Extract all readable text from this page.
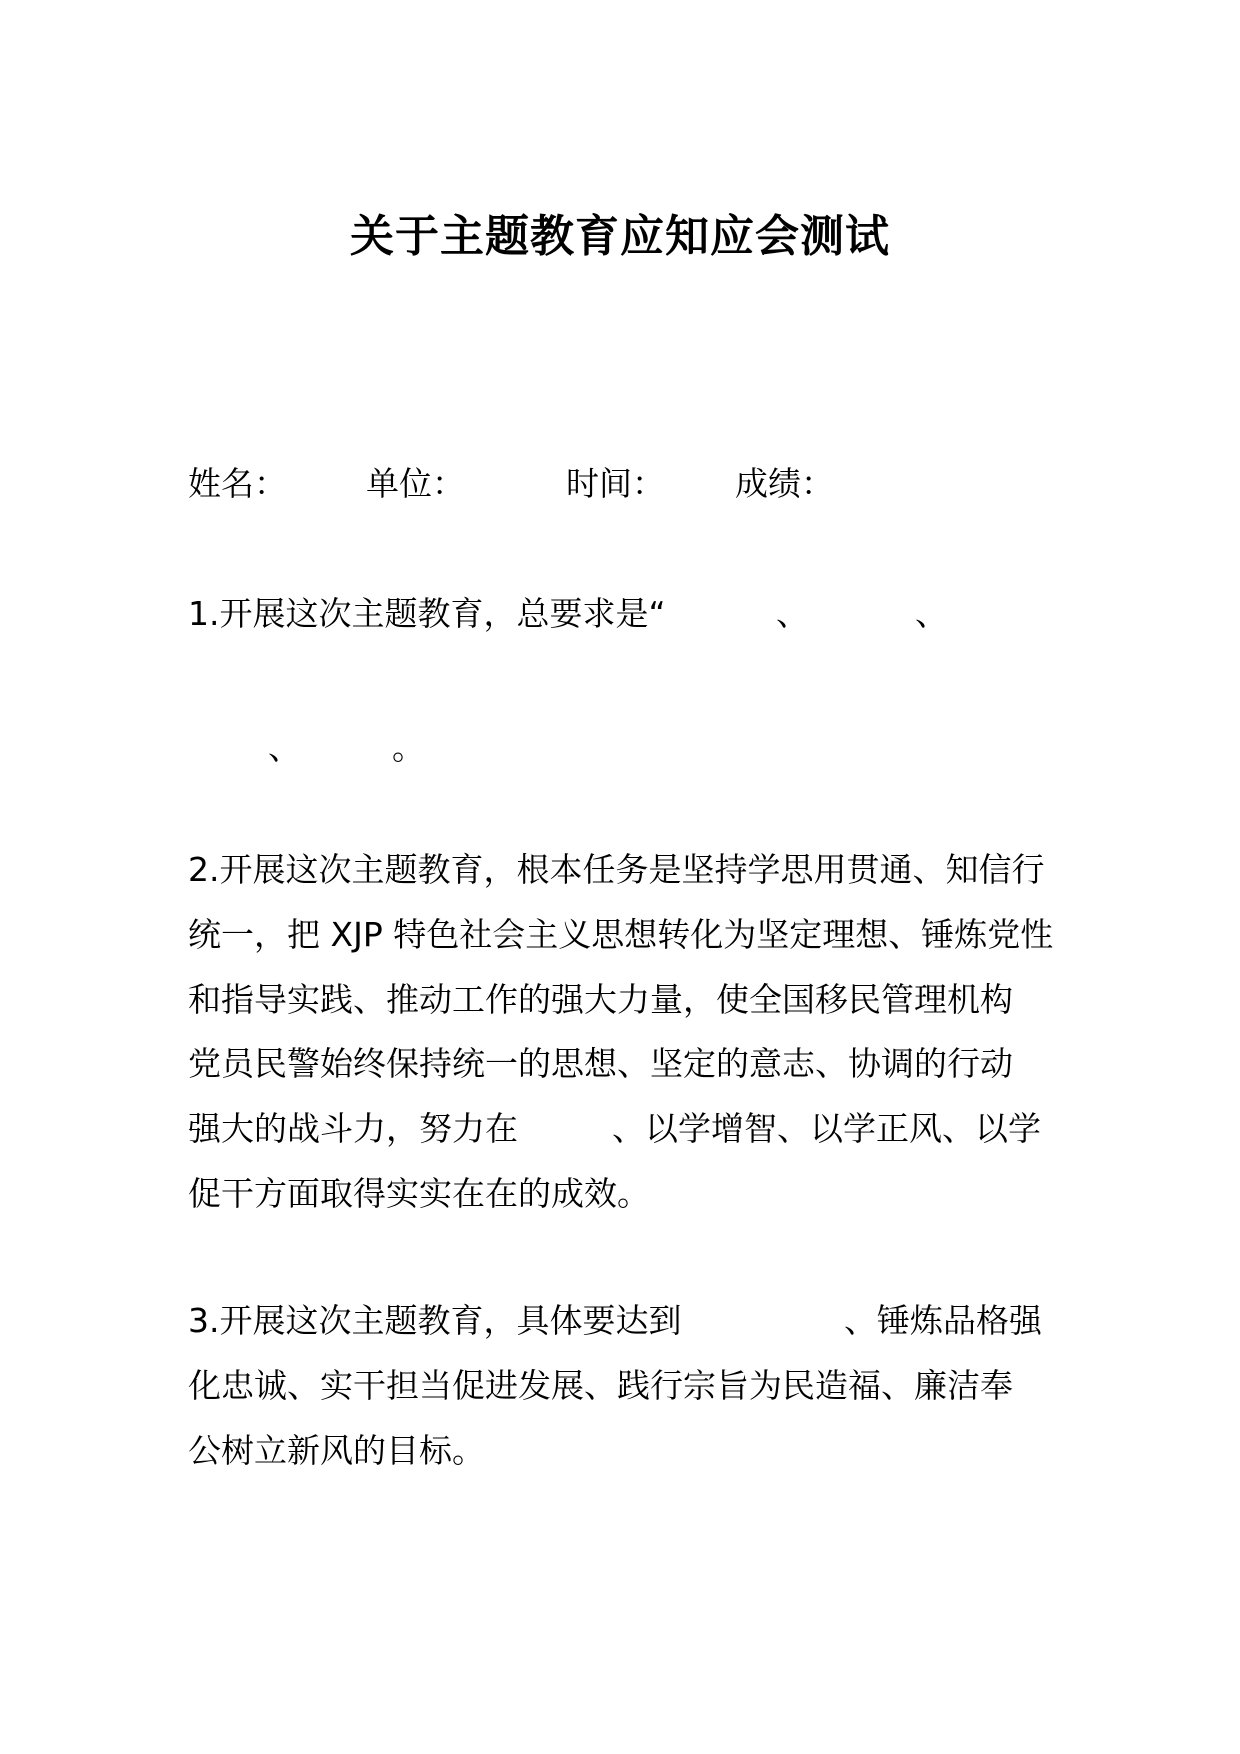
关于主题教育应知应会测试
姓名： 单位：	时间： 成绩：
1.开展这次主题教育，总要求是“	、	、
、	。
2.开展这次主题教育，根本任务是坚持学思用贯通、知信行
统一，把 XJP 特色社会主义思想转化为坚定理想、锤炼党性
和指导实践、推动工作的强大力量，使全国移民管理机构
党员民警始终保持统一的思想、坚定的意志、协调的行动
强大的战斗力，努力在	、以学增智、以学正风、以学
促干方面取得实实在在的成效。
3.开展这次主题教育，具体要达到	、锤炼品格强
化忠诚、实干担当促进发展、践行宗旨为民造福、廉洁奉
公树立新风的目标。
